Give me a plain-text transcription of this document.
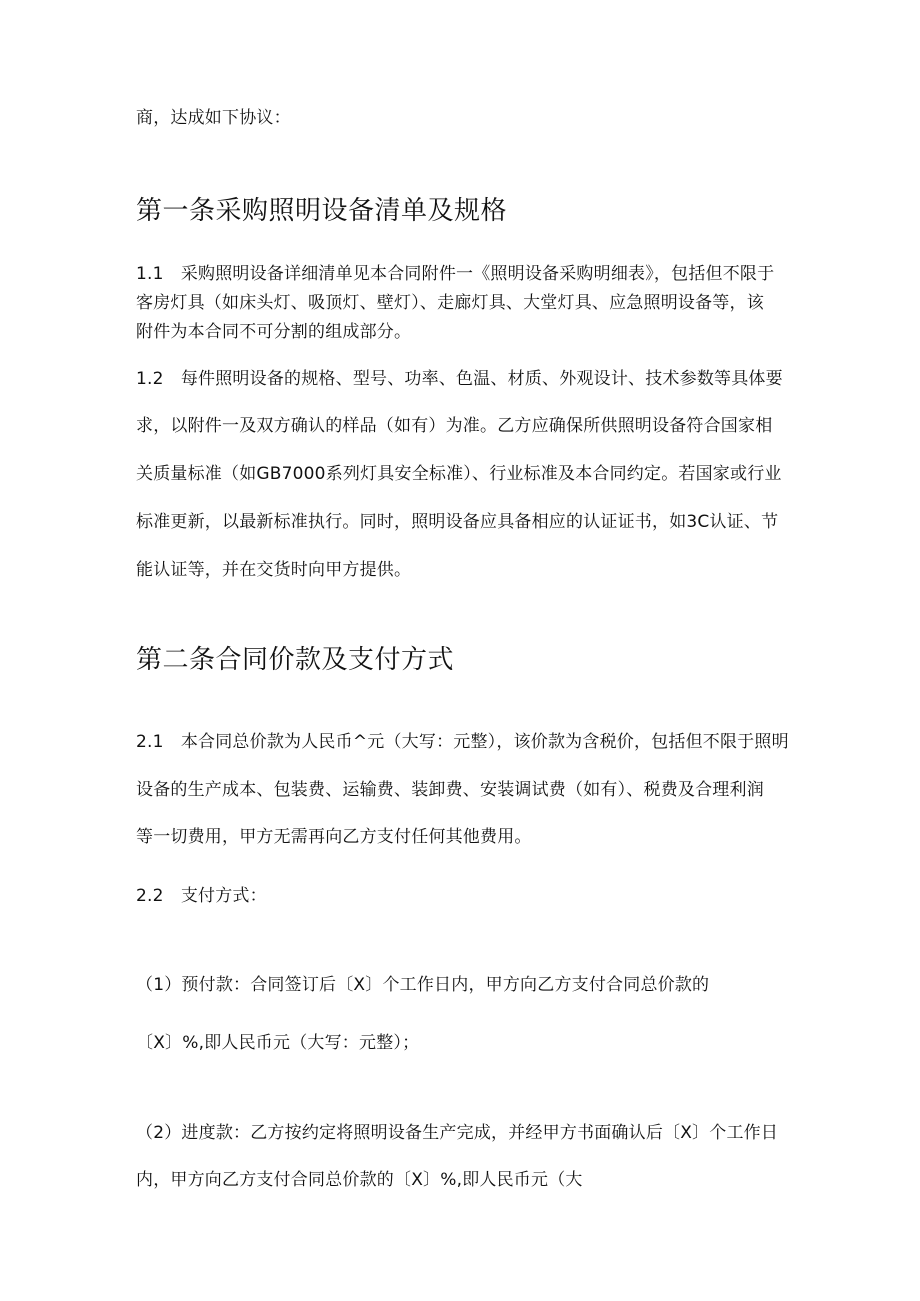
商，达成如下协议：
第一条采购照明设备清单及规格
1.1　采购照明设备详细清单见本合同附件一《照明设备采购明细表》，包括但不限于
客房灯具（如床头灯、吸顶灯、壁灯）、走廊灯具、大堂灯具、应急照明设备等，该
附件为本合同不可分割的组成部分。
1.2　每件照明设备的规格、型号、功率、色温、材质、外观设计、技术参数等具体要
求，以附件一及双方确认的样品（如有）为准。乙方应确保所供照明设备符合国家相
关质量标准（如GB7000系列灯具安全标准）、行业标准及本合同约定。若国家或行业
标准更新，以最新标准执行。同时，照明设备应具备相应的认证证书，如3C认证、节
能认证等，并在交货时向甲方提供。
第二条合同价款及支付方式
2.1　本合同总价款为人民币^元（大写：元整），该价款为含税价，包括但不限于照明
设备的生产成本、包装费、运输费、装卸费、安装调试费（如有）、税费及合理利润
等一切费用，甲方无需再向乙方支付任何其他费用。
2.2　支付方式：
（1）预付款：合同签订后〔X〕个工作日内，甲方向乙方支付合同总价款的
〔X〕%,即人民币元（大写：元整）；
（2）进度款：乙方按约定将照明设备生产完成，并经甲方书面确认后〔X〕个工作日
内，甲方向乙方支付合同总价款的〔X〕%,即人民币元（大
